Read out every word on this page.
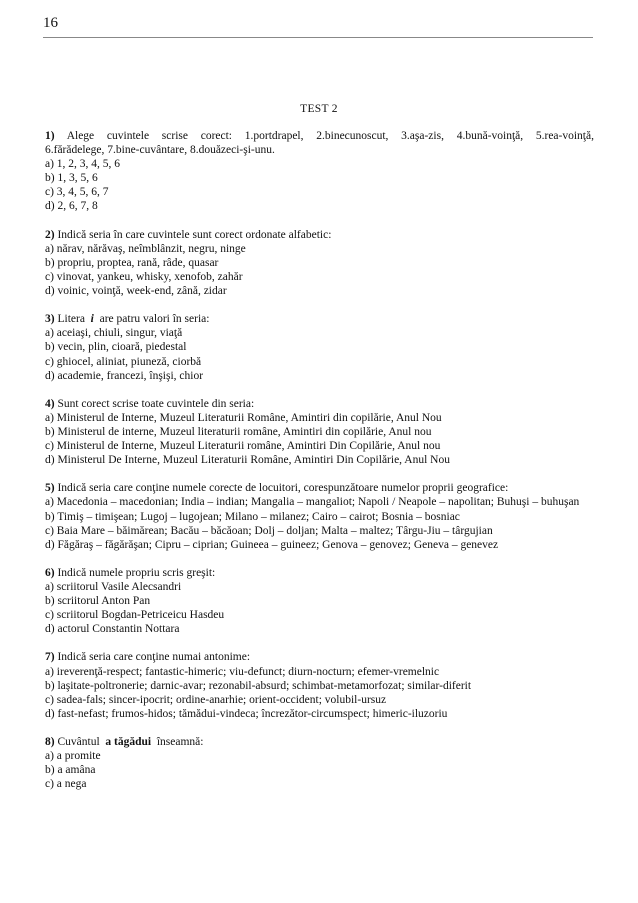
16
TEST 2
1) Alege cuvintele scrise corect: 1.portdrapel, 2.binecunoscut, 3.aşa-zis, 4.bună-voinţă, 5.rea-voinţă,
6.fărădelege, 7.bine-cuvântare, 8.douăzeci-şi-unu.
a) 1, 2, 3, 4, 5, 6
b) 1, 3, 5, 6
c) 3, 4, 5, 6, 7
d) 2, 6, 7, 8
2) Indică seria în care cuvintele sunt corect ordonate alfabetic:
a) nărav, nărăvaş, neîmblânzit, negru, ninge
b) propriu, proptea, rană, râde, quasar
c) vinovat, yankeu, whisky, xenofob, zahăr
d) voinic, voinţă, week-end, zână, zidar
3) Litera i are patru valori în seria:
a) aceiaşi, chiuli, singur, viaţă
b) vecin, plin, cioară, piedestal
c) ghiocel, aliniat, piuneză, ciorbă
d) academie, francezi, înşişi, chior
4) Sunt corect scrise toate cuvintele din seria:
a) Ministerul de Interne, Muzeul Literaturii Române, Amintiri din copilărie, Anul Nou
b) Ministerul de interne, Muzeul literaturii române, Amintiri din copilărie, Anul nou
c) Ministerul de Interne, Muzeul Literaturii române, Amintiri Din Copilărie, Anul nou
d) Ministerul De Interne, Muzeul Literaturii Române, Amintiri Din Copilărie, Anul Nou
5) Indică seria care conţine numele corecte de locuitori, corespunzătoare numelor proprii geografice:
a) Macedonia – macedonian; India – indian; Mangalia – mangaliot; Napoli / Neapole – napolitan; Buhuşi – buhuşan
b) Timiş – timişean; Lugoj – lugojean; Milano – milanez; Cairo – cairot; Bosnia – bosniac
c) Baia Mare – băimărean; Bacău – băcăoan; Dolj – doljan; Malta – maltez; Târgu-Jiu – târgujian
d) Făgăraş – făgărăşan; Cipru – ciprian; Guineea – guineez; Genova – genovez; Geneva – genevez
6) Indică numele propriu scris greşit:
a) scriitorul Vasile Alecsandri
b) scriitorul Anton Pan
c) scriitorul Bogdan-Petriceicu Hasdeu
d) actorul Constantin Nottara
7) Indică seria care conţine numai antonime:
a) ireverenţă-respect; fantastic-himeric; viu-defunct; diurn-nocturn; efemer-vremelnic
b) laşitate-poltronerie; darnic-avar; rezonabil-absurd; schimbat-metamorfozat; similar-diferit
c) sadea-fals; sincer-ipocrit; ordine-anarhie; orient-occident; volubil-ursuz
d) fast-nefast; frumos-hidos; tămădui-vindeca; încrezător-circumspect; himeric-iluzoriu
8) Cuvântul a tăgădui înseamnă:
a) a promite
b) a amâna
c) a nega
